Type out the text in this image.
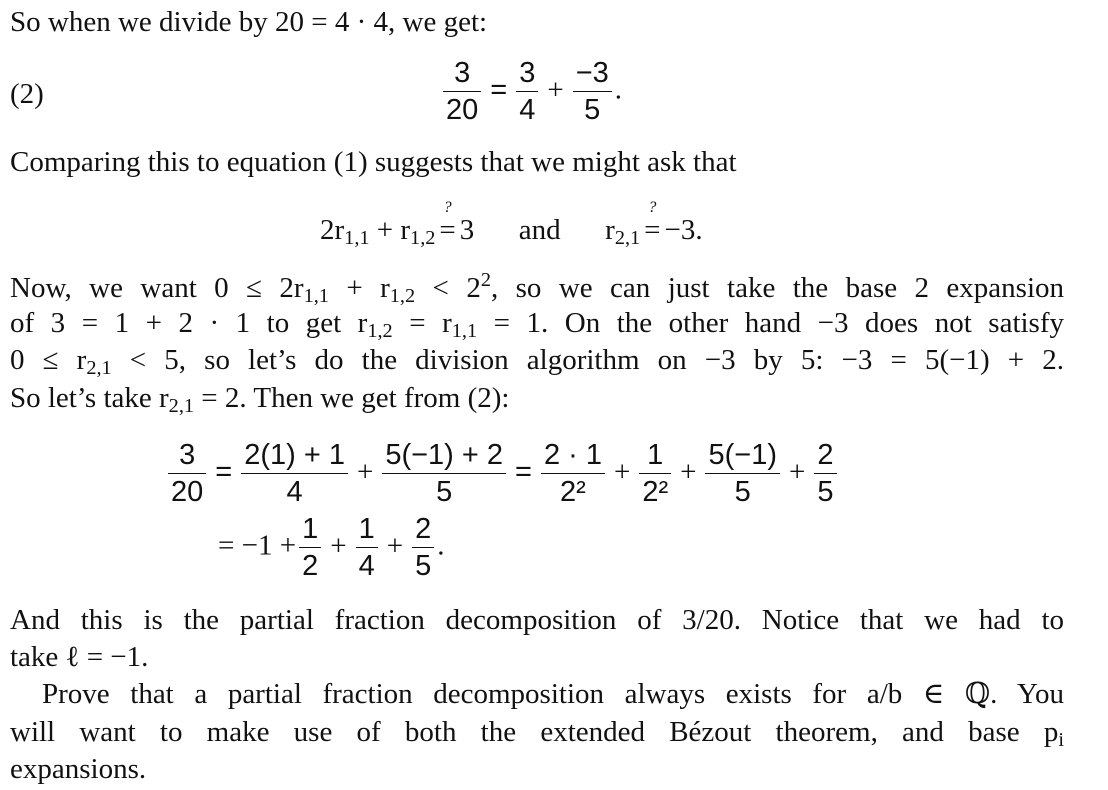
So when we divide by 20 = 4 · 4, we get:
(2)	$\frac{3}{20} = \frac{3}{4} + \frac{-3}{5}$ .
Comparing this to equation (1) suggests that we might ask that
$2r_{1,1} + r_{1,2}$
?
= 3 and $r_{2,1}$
?
= −3.
Now, we want $0 \le 2r_{1,1} + r_{1,2} < 2^2$, so we can just take the base 2 expansion
of 3 = 1 + 2 · 1 to get $r_{1,2} = r_{1,1} = 1$. On the other hand −3 does not satisfy
$0 \le r_{2,1} < 5$, so let’s do the division algorithm on −3 by 5: −3 = 5(−1) + 2.
So let’s take $r_{2,1} = 2$. Then we get from (2):
$\frac{3}{20} = \frac{2(1) + 1}{4} + \frac{5(-1) + 2}{5} = \frac{2 \cdot 1}{\text{2²}} + \frac{1}{\text{2²}} + \frac{5(-1)}{5} + \frac{2}{5}$
= $-1 + \frac{1}{2} + \frac{1}{4} + \frac{2}{5}$ .
And this is the partial fraction decomposition of 3/20. Notice that we had to
take ℓ = −1.
Prove that a partial fraction decomposition always exists for a/b ∈ ℚ. You
will want to make use of both the extended Bézout theorem, and base $p_i$
expansions.
